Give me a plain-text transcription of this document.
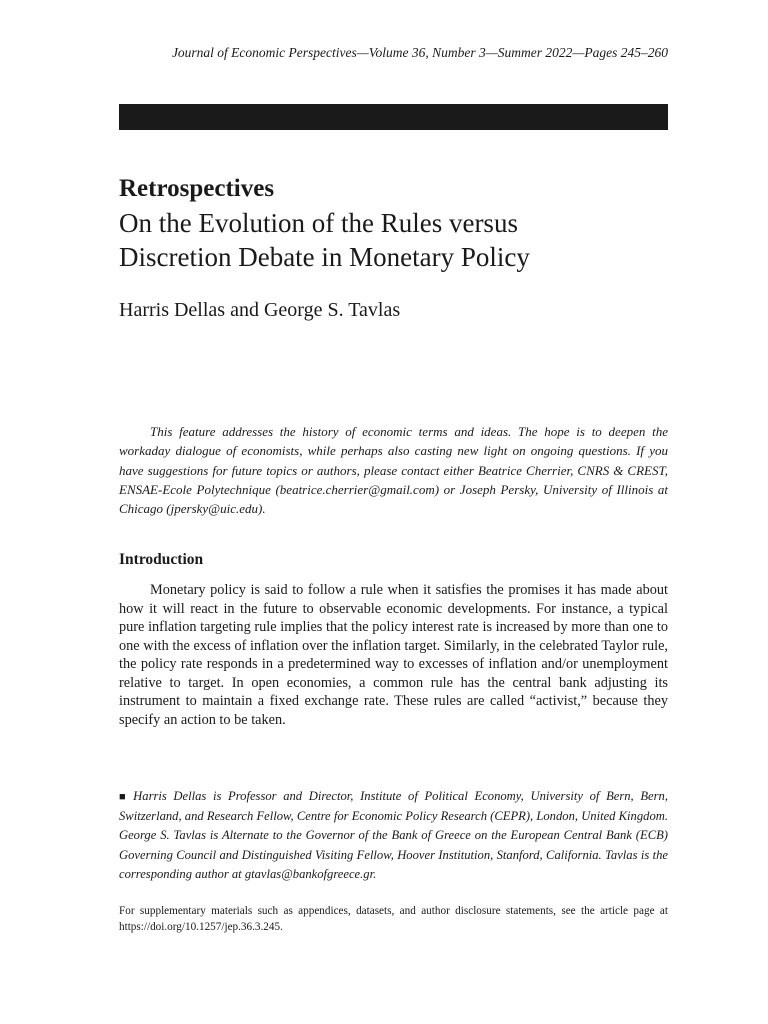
Journal of Economic Perspectives—Volume 36, Number 3—Summer 2022—Pages 245–260
Retrospectives
On the Evolution of the Rules versus
Discretion Debate in Monetary Policy
Harris Dellas and George S. Tavlas
This feature addresses the history of economic terms and ideas. The hope is to deepen the workaday dialogue of economists, while perhaps also casting new light on ongoing questions. If you have suggestions for future topics or authors, please contact either Beatrice Cherrier, CNRS & CREST, ENSAE-Ecole Polytechnique (beatrice.cherrier@gmail.com) or Joseph Persky, University of Illinois at Chicago (jpersky@uic.edu).
Introduction
Monetary policy is said to follow a rule when it satisfies the promises it has made about how it will react in the future to observable economic developments. For instance, a typical pure inflation targeting rule implies that the policy interest rate is increased by more than one to one with the excess of inflation over the inflation target. Similarly, in the celebrated Taylor rule, the policy rate responds in a predetermined way to excesses of inflation and/or unemployment relative to target. In open economies, a common rule has the central bank adjusting its instrument to maintain a fixed exchange rate. These rules are called “activist,” because they specify an action to be taken.
■ Harris Dellas is Professor and Director, Institute of Political Economy, University of Bern, Bern, Switzerland, and Research Fellow, Centre for Economic Policy Research (CEPR), London, United Kingdom. George S. Tavlas is Alternate to the Governor of the Bank of Greece on the European Central Bank (ECB) Governing Council and Distinguished Visiting Fellow, Hoover Institution, Stanford, California. Tavlas is the corresponding author at gtavlas@bankofgreece.gr.
For supplementary materials such as appendices, datasets, and author disclosure statements, see the article page at https://doi.org/10.1257/jep.36.3.245.
